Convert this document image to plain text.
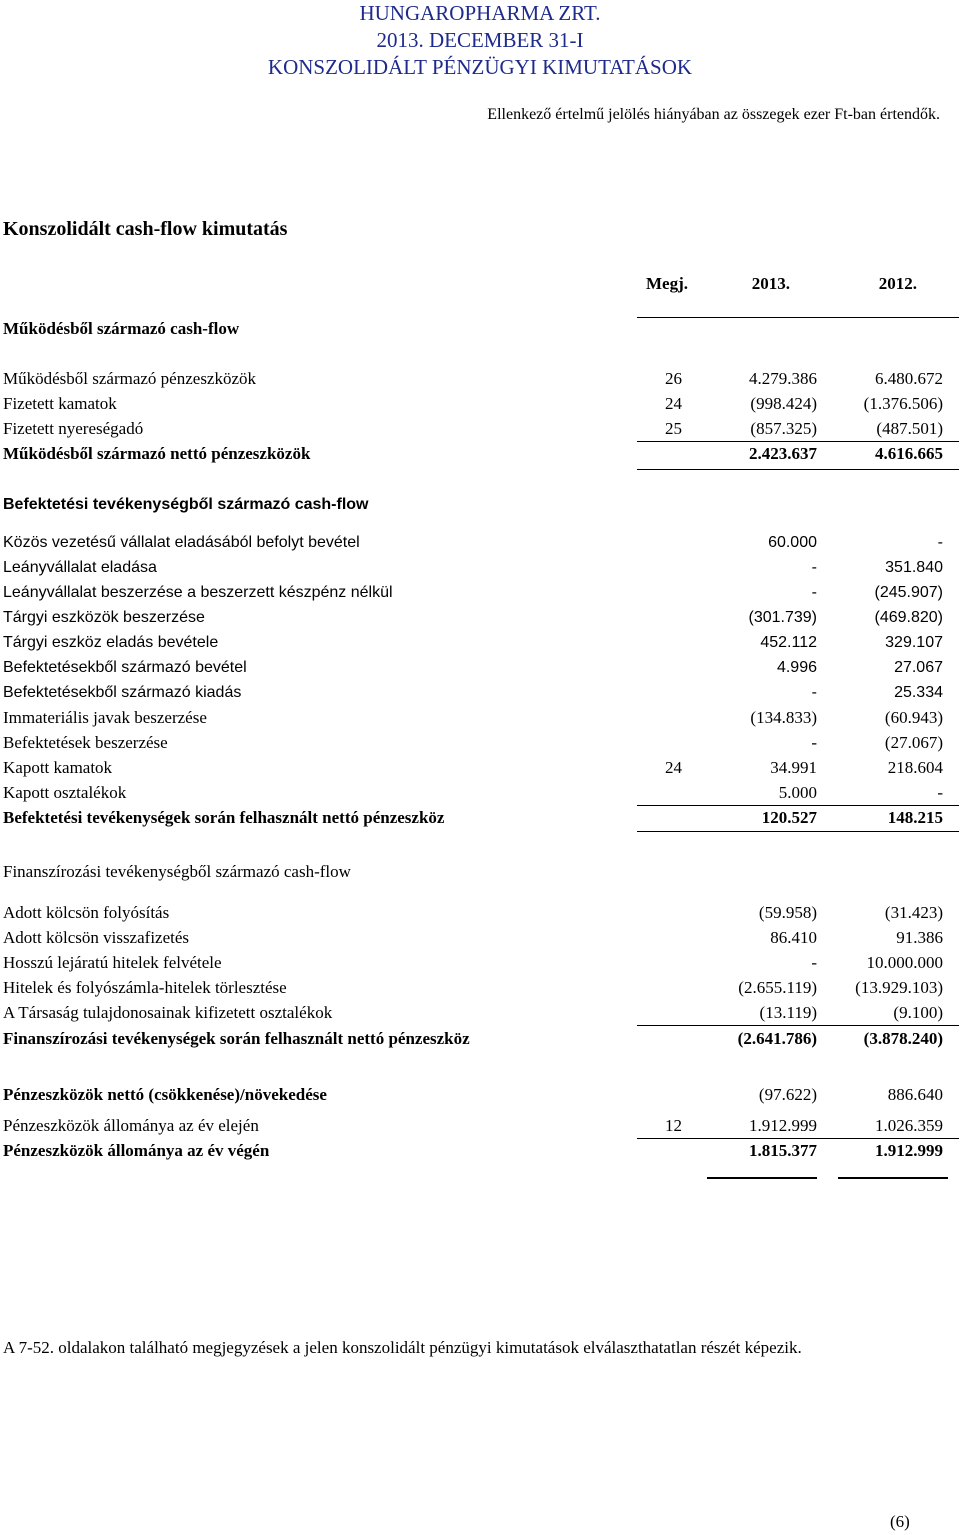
HUNGAROPHARMA ZRT.
2013. DECEMBER 31-I
KONSZOLIDÁLT PÉNZÜGYI KIMUTATÁSOK
Ellenkező értelmű jelölés hiányában az összegek ezer Ft-ban értendők.
Konszolidált cash-flow kimutatás
Megj.	2013.	2012.
Működésből származó cash-flow
Működésből származó pénzeszközök	26	4.279.386	6.480.672
Fizetett kamatok	24	(998.424)	(1.376.506)
Fizetett nyereségadó	25	(857.325)	(487.501)
Működésből származó nettó pénzeszközök	2.423.637	4.616.665
Befektetési tevékenységből származó cash-flow
Közös vezetésű vállalat eladásából befolyt bevétel	60.000	-
Leányvállalat eladása	-	351.840
Leányvállalat beszerzése a beszerzett készpénz nélkül	-	(245.907)
Tárgyi eszközök beszerzése	(301.739)	(469.820)
Tárgyi eszköz eladás bevétele	452.112	329.107
Befektetésekből származó bevétel	4.996	27.067
Befektetésekből származó kiadás	-	25.334
Immateriális javak beszerzése	(134.833)	(60.943)
Befektetések beszerzése	-	(27.067)
Kapott kamatok	24	34.991	218.604
Kapott osztalékok	5.000	-
Befektetési tevékenységek során felhasznált nettó pénzeszköz	120.527	148.215
Finanszírozási tevékenységből származó cash-flow
Adott kölcsön folyósítás	(59.958)	(31.423)
Adott kölcsön visszafizetés	86.410	91.386
Hosszú lejáratú hitelek felvétele	-	10.000.000
Hitelek és folyószámla-hitelek törlesztése	(2.655.119)	(13.929.103)
A Társaság tulajdonosainak kifizetett osztalékok	(13.119)	(9.100)
Finanszírozási tevékenységek során felhasznált nettó pénzeszköz	(2.641.786)	(3.878.240)
Pénzeszközök nettó (csökkenése)/növekedése	(97.622)	886.640
Pénzeszközök állománya az év elején	12	1.912.999	1.026.359
Pénzeszközök állománya az év végén	1.815.377	1.912.999
A 7-52. oldalakon található megjegyzések a jelen konszolidált pénzügyi kimutatások elválaszthatatlan részét képezik.
(6)
